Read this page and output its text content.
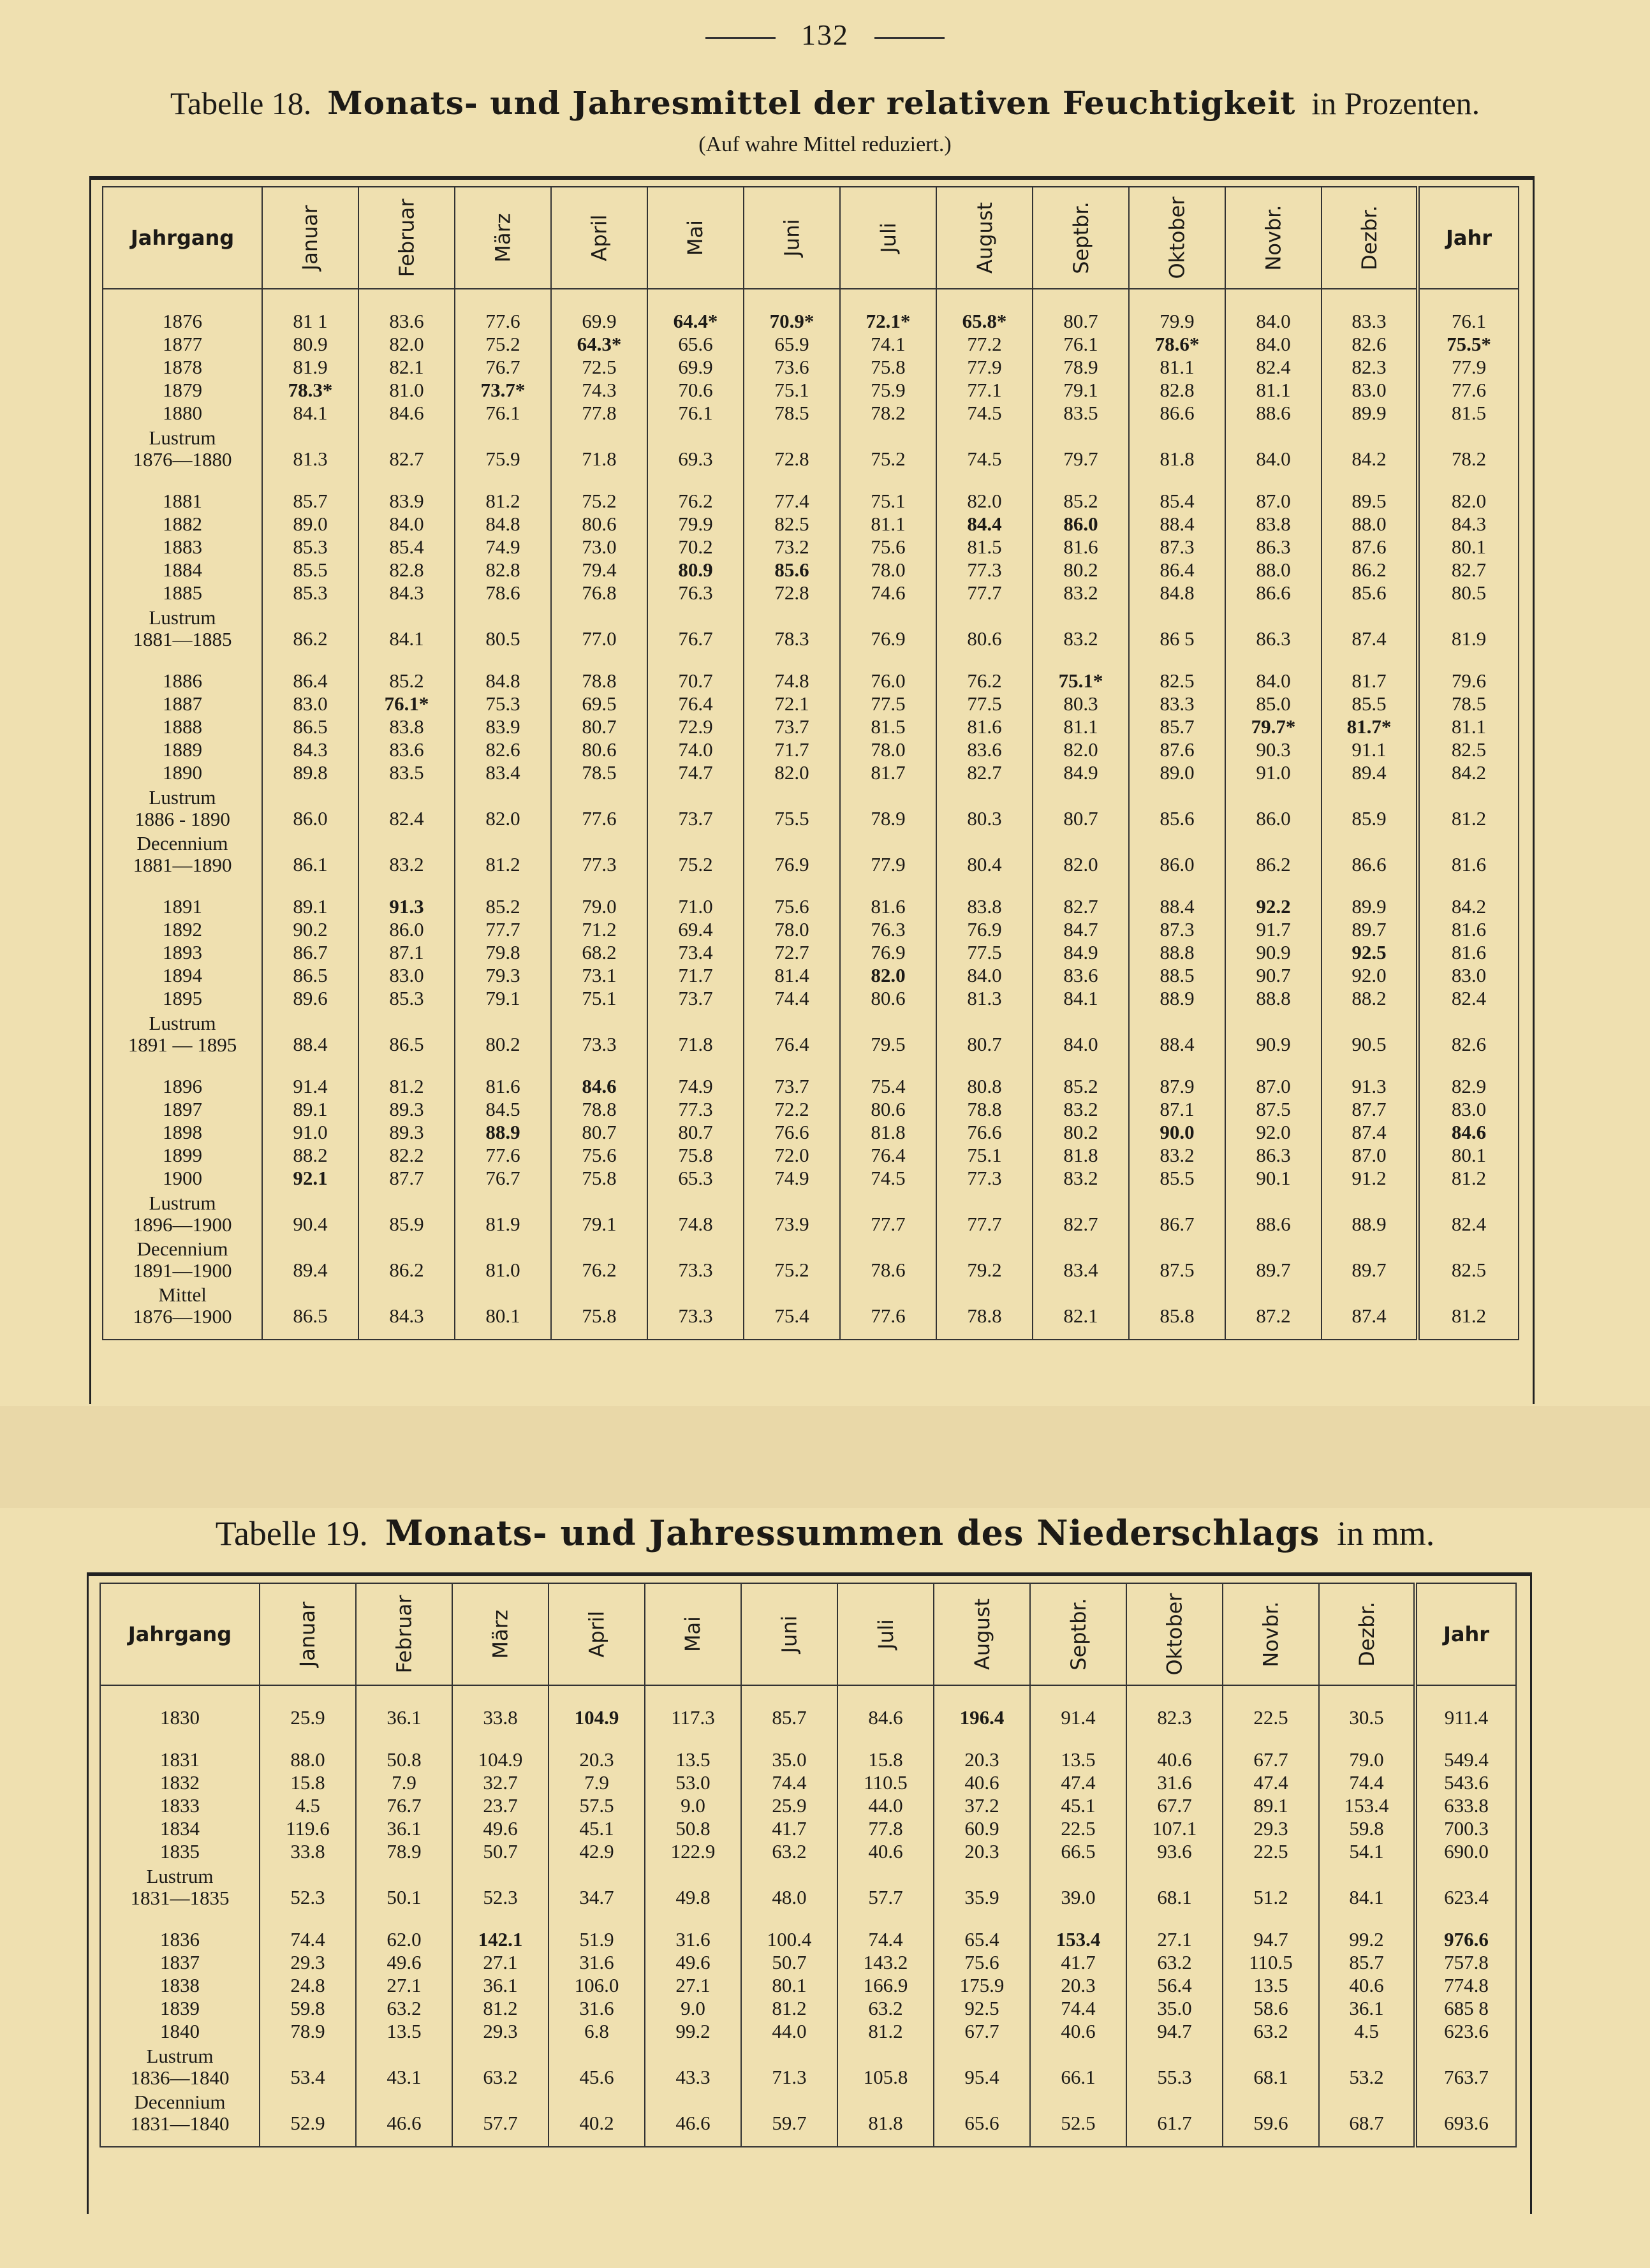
132
Tabelle 18. Monats- und Jahresmittel der relativen Feuchtigkeit in Prozenten.
(Auf wahre Mittel reduziert.)
Jahrgang	Januar	Februar	März	April	Mai	Juni	Juli	August	Septbr.	Oktober	Novbr.	Dezbr.	Jahr

1876	81 1	83.6	77.6	69.9	64.4*	70.9*	72.1*	65.8*	80.7	79.9	84.0	83.3	76.1
1877	80.9	82.0	75.2	64.3*	65.6	65.9	74.1	77.2	76.1	78.6*	84.0	82.6	75.5*
1878	81.9	82.1	76.7	72.5	69.9	73.6	75.8	77.9	78.9	81.1	82.4	82.3	77.9
1879	78.3*	81.0	73.7*	74.3	70.6	75.1	75.9	77.1	79.1	82.8	81.1	83.0	77.6
1880	84.1	84.6	76.1	77.8	76.1	78.5	78.2	74.5	83.5	86.6	88.6	89.9	81.5

Lustrum
1876—1880	81.3	82.7	75.9	71.8	69.3	72.8	75.2	74.5	79.7	81.8	84.0	84.2	78.2

1881	85.7	83.9	81.2	75.2	76.2	77.4	75.1	82.0	85.2	85.4	87.0	89.5	82.0
1882	89.0	84.0	84.8	80.6	79.9	82.5	81.1	84.4	86.0	88.4	83.8	88.0	84.3
1883	85.3	85.4	74.9	73.0	70.2	73.2	75.6	81.5	81.6	87.3	86.3	87.6	80.1
1884	85.5	82.8	82.8	79.4	80.9	85.6	78.0	77.3	80.2	86.4	88.0	86.2	82.7
1885	85.3	84.3	78.6	76.8	76.3	72.8	74.6	77.7	83.2	84.8	86.6	85.6	80.5

Lustrum
1881—1885	86.2	84.1	80.5	77.0	76.7	78.3	76.9	80.6	83.2	86 5	86.3	87.4	81.9

1886	86.4	85.2	84.8	78.8	70.7	74.8	76.0	76.2	75.1*	82.5	84.0	81.7	79.6
1887	83.0	76.1*	75.3	69.5	76.4	72.1	77.5	77.5	80.3	83.3	85.0	85.5	78.5
1888	86.5	83.8	83.9	80.7	72.9	73.7	81.5	81.6	81.1	85.7	79.7*	81.7*	81.1
1889	84.3	83.6	82.6	80.6	74.0	71.7	78.0	83.6	82.0	87.6	90.3	91.1	82.5
1890	89.8	83.5	83.4	78.5	74.7	82.0	81.7	82.7	84.9	89.0	91.0	89.4	84.2

Lustrum
1886 - 1890	86.0	82.4	82.0	77.6	73.7	75.5	78.9	80.3	80.7	85.6	86.0	85.9	81.2

Decennium
1881—1890	86.1	83.2	81.2	77.3	75.2	76.9	77.9	80.4	82.0	86.0	86.2	86.6	81.6

1891	89.1	91.3	85.2	79.0	71.0	75.6	81.6	83.8	82.7	88.4	92.2	89.9	84.2
1892	90.2	86.0	77.7	71.2	69.4	78.0	76.3	76.9	84.7	87.3	91.7	89.7	81.6
1893	86.7	87.1	79.8	68.2	73.4	72.7	76.9	77.5	84.9	88.8	90.9	92.5	81.6
1894	86.5	83.0	79.3	73.1	71.7	81.4	82.0	84.0	83.6	88.5	90.7	92.0	83.0
1895	89.6	85.3	79.1	75.1	73.7	74.4	80.6	81.3	84.1	88.9	88.8	88.2	82.4

Lustrum
1891 — 1895	88.4	86.5	80.2	73.3	71.8	76.4	79.5	80.7	84.0	88.4	90.9	90.5	82.6

1896	91.4	81.2	81.6	84.6	74.9	73.7	75.4	80.8	85.2	87.9	87.0	91.3	82.9
1897	89.1	89.3	84.5	78.8	77.3	72.2	80.6	78.8	83.2	87.1	87.5	87.7	83.0
1898	91.0	89.3	88.9	80.7	80.7	76.6	81.8	76.6	80.2	90.0	92.0	87.4	84.6
1899	88.2	82.2	77.6	75.6	75.8	72.0	76.4	75.1	81.8	83.2	86.3	87.0	80.1
1900	92.1	87.7	76.7	75.8	65.3	74.9	74.5	77.3	83.2	85.5	90.1	91.2	81.2

Lustrum
1896—1900	90.4	85.9	81.9	79.1	74.8	73.9	77.7	77.7	82.7	86.7	88.6	88.9	82.4

Decennium
1891—1900	89.4	86.2	81.0	76.2	73.3	75.2	78.6	79.2	83.4	87.5	89.7	89.7	82.5

Mittel
1876—1900	86.5	84.3	80.1	75.8	73.3	75.4	77.6	78.8	82.1	85.8	87.2	87.4	81.2

Tabelle 19. Monats- und Jahressummen des Niederschlags in mm.
Jahrgang	Januar	Februar	März	April	Mai	Juni	Juli	August	Septbr.	Oktober	Novbr.	Dezbr.	Jahr

1830	25.9	36.1	33.8	104.9	117.3	85.7	84.6	196.4	91.4	82.3	22.5	30.5	911.4

1831	88.0	50.8	104.9	20.3	13.5	35.0	15.8	20.3	13.5	40.6	67.7	79.0	549.4
1832	15.8	7.9	32.7	7.9	53.0	74.4	110.5	40.6	47.4	31.6	47.4	74.4	543.6
1833	4.5	76.7	23.7	57.5	9.0	25.9	44.0	37.2	45.1	67.7	89.1	153.4	633.8
1834	119.6	36.1	49.6	45.1	50.8	41.7	77.8	60.9	22.5	107.1	29.3	59.8	700.3
1835	33.8	78.9	50.7	42.9	122.9	63.2	40.6	20.3	66.5	93.6	22.5	54.1	690.0

Lustrum
1831—1835	52.3	50.1	52.3	34.7	49.8	48.0	57.7	35.9	39.0	68.1	51.2	84.1	623.4

1836	74.4	62.0	142.1	51.9	31.6	100.4	74.4	65.4	153.4	27.1	94.7	99.2	976.6
1837	29.3	49.6	27.1	31.6	49.6	50.7	143.2	75.6	41.7	63.2	110.5	85.7	757.8
1838	24.8	27.1	36.1	106.0	27.1	80.1	166.9	175.9	20.3	56.4	13.5	40.6	774.8
1839	59.8	63.2	81.2	31.6	9.0	81.2	63.2	92.5	74.4	35.0	58.6	36.1	685 8
1840	78.9	13.5	29.3	6.8	99.2	44.0	81.2	67.7	40.6	94.7	63.2	4.5	623.6

Lustrum
1836—1840	53.4	43.1	63.2	45.6	43.3	71.3	105.8	95.4	66.1	55.3	68.1	53.2	763.7

Decennium
1831—1840	52.9	46.6	57.7	40.2	46.6	59.7	81.8	65.6	52.5	61.7	59.6	68.7	693.6
